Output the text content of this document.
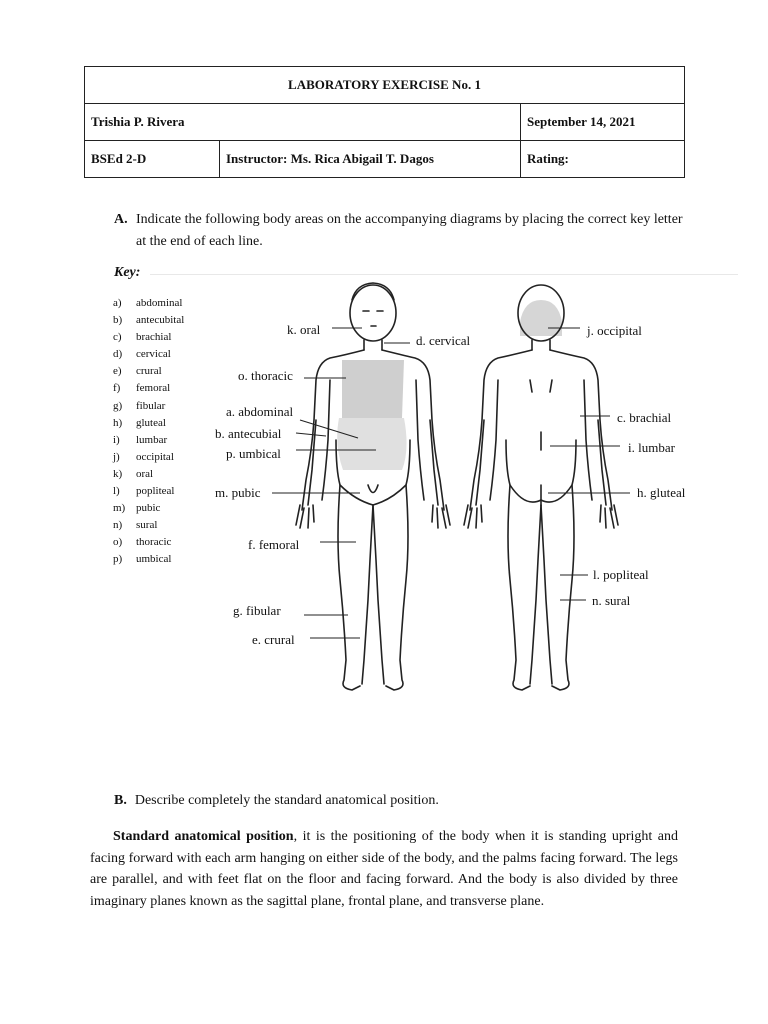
LABORATORY EXERCISE No. 1		
Trishia P. Rivera		September 14, 2021
BSEd 2-D	Instructor: Ms. Rica Abigail T. Dagos	Rating:
A. Indicate the following body areas on the accompanying diagrams by placing the correct key letter at the end of each line.
Key:
a)	abdominal
b)	antecubital
c)	brachial
d)	cervical
e)	crural
f)	femoral
g)	fibular
h)	gluteal
i)	lumbar
j)	occipital
k)	oral
l)	popliteal
m) pubic
n)	sural
o)	thoracic
p)	umbical
k. oral
d. cervical
j. occipital
o. thoracic
a. abdominal	c. brachial
b. antecubial
i. lumbar
p. umbical
m. pubic	h. gluteal
f. femoral
l. popliteal
n. sural
g. fibular
e. crural
B. Describe completely the standard anatomical position.
Standard anatomical position, it is the positioning of the body when it is standing upright and facing forward with each arm hanging on either side of the body, and the palms facing forward. The legs are parallel, and with feet flat on the floor and facing forward. And the body is also divided by three imaginary planes known as the sagittal plane, frontal plane, and transverse plane.
